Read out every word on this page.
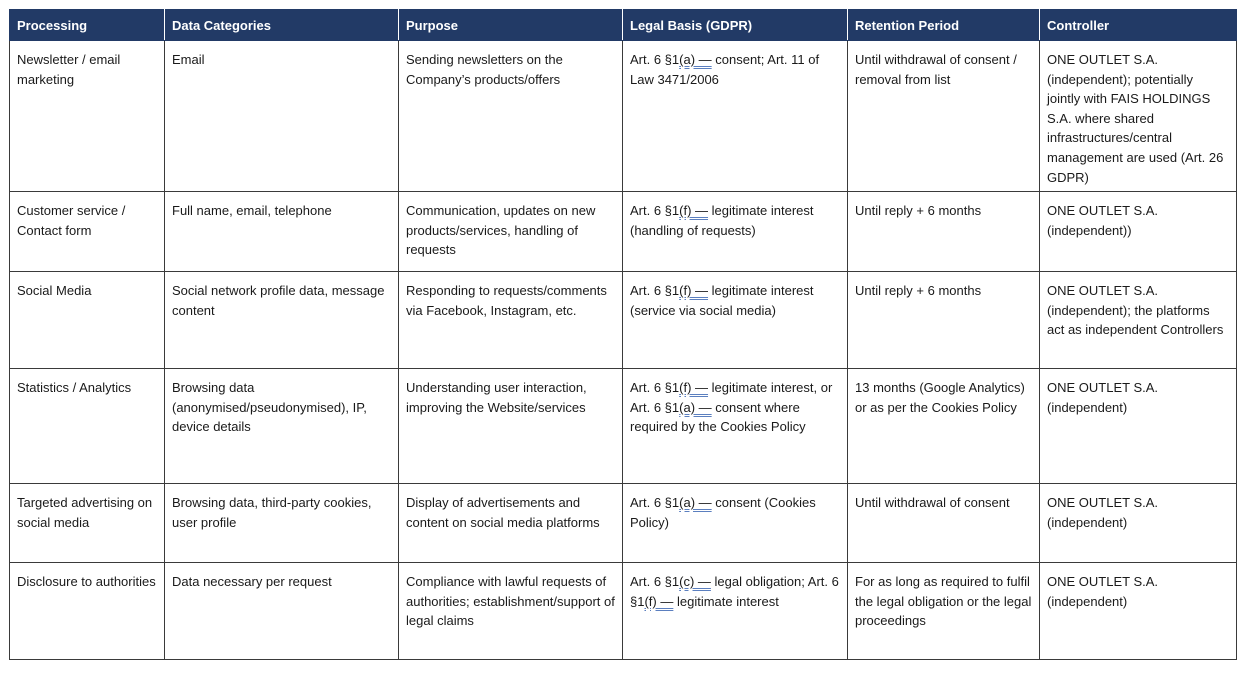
Processing	Data Categories	Purpose	Legal Basis (GDPR)	Retention Period	Controller
Newsletter / email marketing	Email	Sending newsletters on the Company’s products/offers	Art. 6 §1(a) — consent; Art. 11 of Law 3471/2006	Until withdrawal of consent / removal from list	ONE OUTLET S.A. (independent); potentially jointly with FAIS HOLDINGS S.A. where shared infrastructures/central management are used (Art. 26 GDPR)
Customer service / Contact form	Full name, email, telephone	Communication, updates on new products/services, handling of requests	Art. 6 §1(f) — legitimate interest (handling of requests)	Until reply + 6 months	ONE OUTLET S.A. (independent))
Social Media	Social network profile data, message content	Responding to requests/comments via Facebook, Instagram, etc.	Art. 6 §1(f) — legitimate interest (service via social media)	Until reply + 6 months	ONE OUTLET S.A. (independent); the platforms act as independent Controllers
Statistics / Analytics	Browsing data (anonymised/pseudonymised), IP, device details	Understanding user interaction, improving the Website/services	Art. 6 §1(f) — legitimate interest, or Art. 6 §1(a) — consent where required by the Cookies Policy	13 months (Google Analytics) or as per the Cookies Policy	ONE OUTLET S.A. (independent)
Targeted advertising on social media	Browsing data, third-party cookies, user profile	Display of advertisements and content on social media platforms	Art. 6 §1(a) — consent (Cookies Policy)	Until withdrawal of consent	ONE OUTLET S.A. (independent)
Disclosure to authorities	Data necessary per request	Compliance with lawful requests of authorities; establishment/support of legal claims	Art. 6 §1(c) — legal obligation; Art. 6 §1(f) — legitimate interest	For as long as required to fulfil the legal obligation or the legal proceedings	ONE OUTLET S.A. (independent)
